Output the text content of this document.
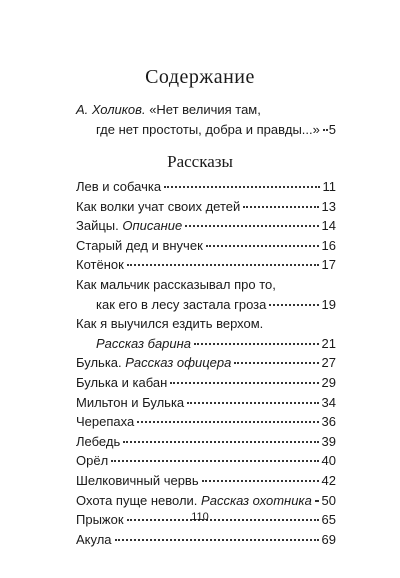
Содержание
А. Холиков. «Нет величия там,
где нет простоты, добра и правды...» 5
Рассказы
Лев и собачка	11
Как волки учат своих детей	13
Зайцы. Описание	14
Старый дед и внучек	16
Котёнок	17
Как мальчик рассказывал про то,
как его в лесу застала гроза	19
Как я выучился ездить верхом.
Рассказ барина	21
Булька. Рассказ офицера	27
Булька и кабан	29
Мильтон и Булька	34
Черепаха	36
Лебедь	39
Орёл	40
Шелковичный червь	42
Охота пуще неволи. Рассказ охотника 50
Прыжок	65
Акула	69
110
